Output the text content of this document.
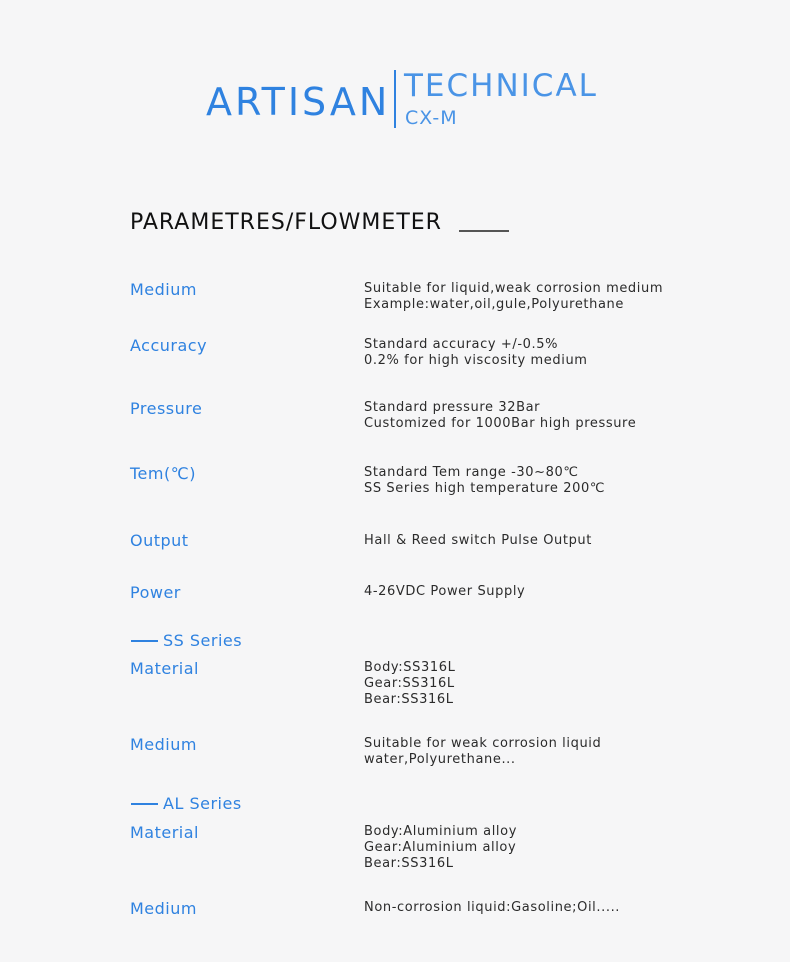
ARTISAN TECHNICAL
CX-M
PARAMETRES/FLOWMETER
Medium	Suitable for liquid,weak corrosion medium
Example:water,oil,gule,Polyurethane
Accuracy	Standard accuracy +/-0.5%
0.2% for high viscosity medium
Pressure	Standard pressure 32Bar
Customized for 1000Bar high pressure
Tem(℃)	Standard Tem range -30~80℃
SS Series high temperature 200℃
Output	Hall & Reed switch Pulse Output
Power	4-26VDC Power Supply
SS Series
Material	Body:SS316L
Gear:SS316L
Bear:SS316L
Medium	Suitable for weak corrosion liquid
water,Polyurethane...
AL Series
Material	Body:Aluminium alloy
Gear:Aluminium alloy
Bear:SS316L
Medium	Non-corrosion liquid:Gasoline;Oil.....
